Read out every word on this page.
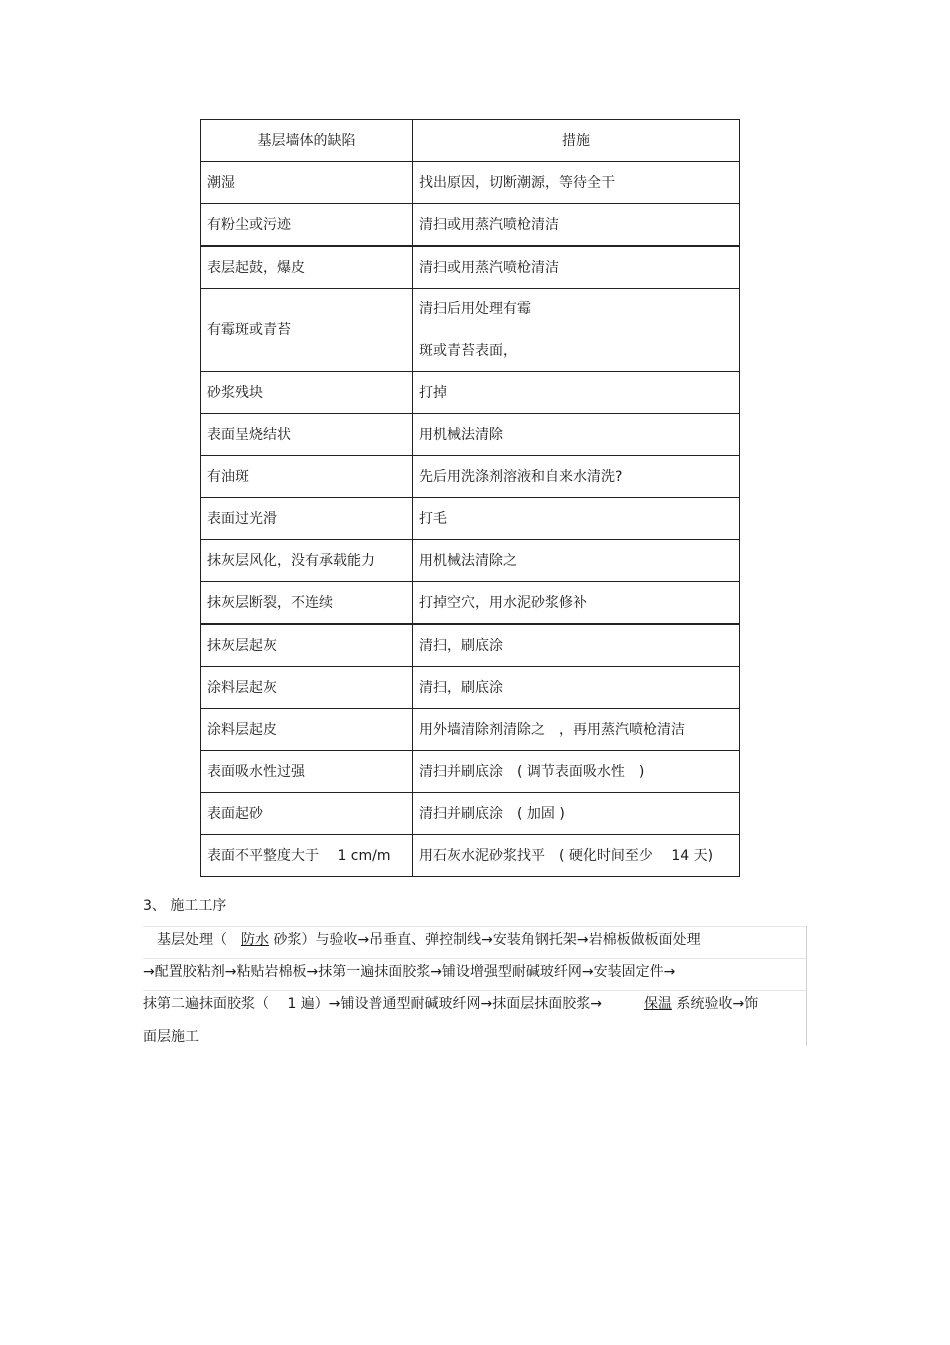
基层墙体的缺陷	措施
潮湿	找出原因，切断潮源，等待全干
有粉尘或污迹	清扫或用蒸汽喷枪清洁
表层起鼓，爆皮	清扫或用蒸汽喷枪清洁
有霉斑或青苔	清扫后用处理有霉
斑或青苔表面，

砂浆残块	打掉
表面呈烧结状	用机械法清除
有油斑	先后用洗涤剂溶液和自来水清洗?
表面过光滑	打毛
抹灰层风化，没有承载能力	用机械法清除之
抹灰层断裂，不连续	打掉空穴，用水泥砂浆修补
抹灰层起灰	清扫，刷底涂
涂料层起灰	清扫，刷底涂
涂料层起皮	用外墙清除剂清除之　，再用蒸汽喷枪清洁
表面吸水性过强	清扫并刷底涂　( 调节表面吸水性　)
表面起砂	清扫并刷底涂　( 加固 )
表面不平整度大于　 1 cm/m	用石灰水泥砂浆找平　( 硬化时间至少　 14 天)
3、 施工工序
　基层处理（　防水 砂浆）与验收→吊垂直、弹控制线→安装角钢托架→岩棉板做板面处理
→配置胶粘剂→粘贴岩棉板→抹第一遍抹面胶浆→铺设增强型耐碱玻纤网→安装固定件→
抹第二遍抹面胶浆（　 1 遍）→铺设普通型耐碱玻纤网→抹面层抹面胶浆→　　　保温 系统验收→饰
面层施工
